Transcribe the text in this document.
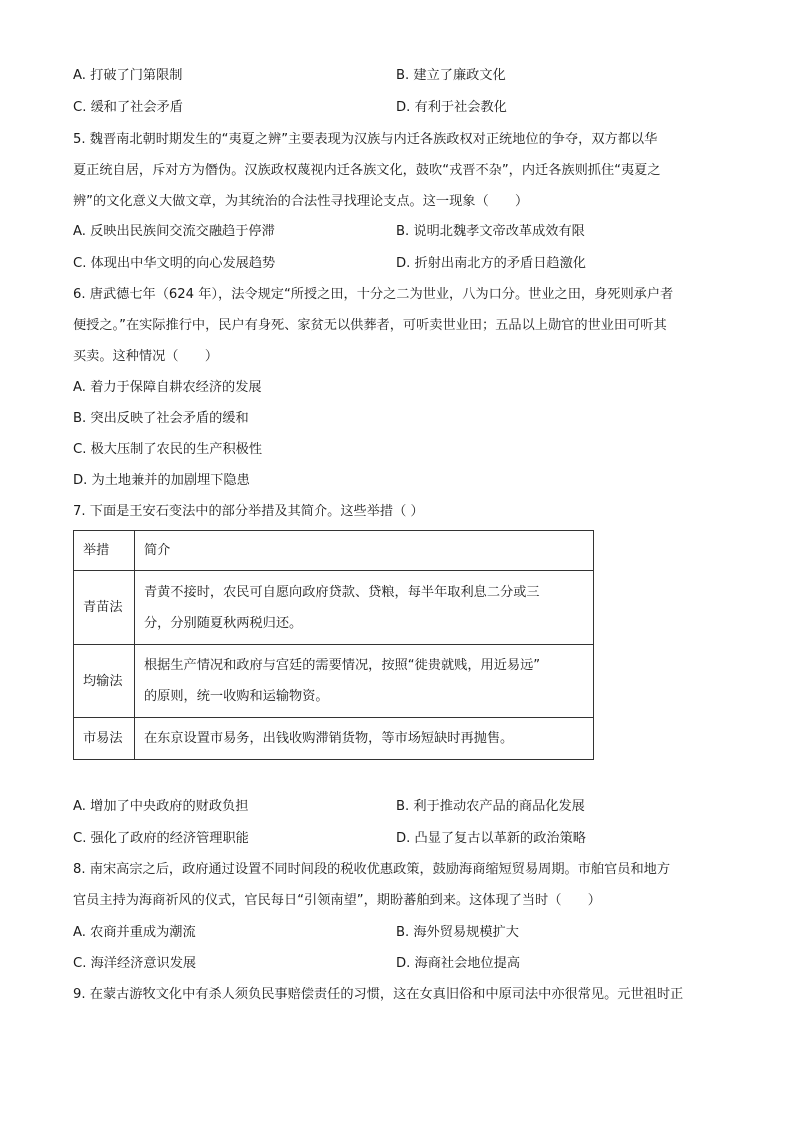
A. 打破了门第限制	B. 建立了廉政文化
C. 缓和了社会矛盾	D. 有利于社会教化
5. 魏晋南北朝时期发生的“夷夏之辨”主要表现为汉族与内迁各族政权对正统地位的争夺，双方都以华
夏正统自居，斥对方为僭伪。汉族政权蔑视内迁各族文化，鼓吹“戎晋不杂”，内迁各族则抓住“夷夏之
辨”的文化意义大做文章，为其统治的合法性寻找理论支点。这一现象（　　）
A. 反映出民族间交流交融趋于停滞	B. 说明北魏孝文帝改革成效有限
C. 体现出中华文明的向心发展趋势	D. 折射出南北方的矛盾日趋激化
6. 唐武德七年（624 年），法令规定“所授之田，十分之二为世业，八为口分。世业之田，身死则承户者
便授之。”在实际推行中，民户有身死、家贫无以供葬者，可听卖世业田；五品以上勋官的世业田可听其
买卖。这种情况（　　）
A. 着力于保障自耕农经济的发展
B. 突出反映了社会矛盾的缓和
C. 极大压制了农民的生产积极性
D. 为土地兼并的加剧埋下隐患
7. 下面是王安石变法中的部分举措及其简介。这些举措（ ）
举措	简介
青苗法	青黄不接时，农民可自愿向政府贷款、贷粮，每半年取利息二分或三
分，分别随夏秋两税归还。

均输法	根据生产情况和政府与宫廷的需要情况，按照“徙贵就贱，用近易远”
的原则，统一收购和运输物资。

市易法	在东京设置市易务，出钱收购滞销货物，等市场短缺时再抛售。
A. 增加了中央政府的财政负担	B. 利于推动农产品的商品化发展
C. 强化了政府的经济管理职能	D. 凸显了复古以革新的政治策略
8. 南宋高宗之后，政府通过设置不同时间段的税收优惠政策，鼓励海商缩短贸易周期。市舶官员和地方
官员主持为海商祈风的仪式，官民每日“引领南望”，期盼蕃舶到来。这体现了当时（　　）
A. 农商并重成为潮流	B. 海外贸易规模扩大
C. 海洋经济意识发展	D. 海商社会地位提高
9. 在蒙古游牧文化中有杀人须负民事赔偿责任的习惯，这在女真旧俗和中原司法中亦很常见。元世祖时正
